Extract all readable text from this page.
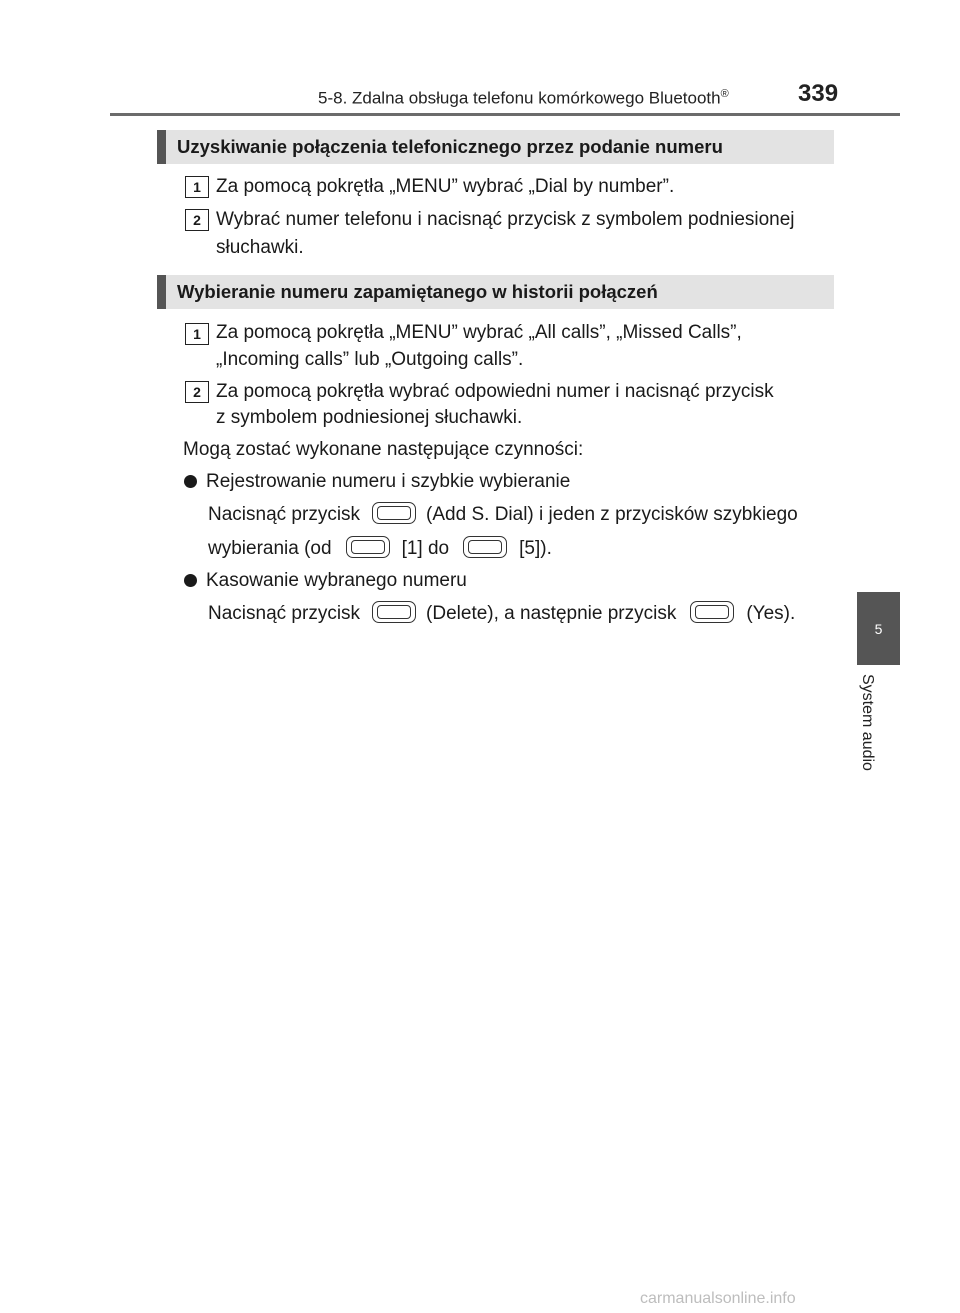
5-8. Zdalna obsługa telefonu komórkowego Bluetooth®	339
Uzyskiwanie połączenia telefonicznego przez podanie numeru
1 Za pomocą pokrętła „MENU” wybrać „Dial by number”.
2 Wybrać numer telefonu i nacisnąć przycisk z symbolem podniesionej
słuchawki.
Wybieranie numeru zapamiętanego w historii połączeń
1 Za pomocą pokrętła „MENU” wybrać „All calls”, „Missed Calls”,
„Incoming calls” lub „Outgoing calls”.
2 Za pomocą pokrętła wybrać odpowiedni numer i nacisnąć przycisk
z symbolem podniesionej słuchawki.
Mogą zostać wykonane następujące czynności:
Rejestrowanie numeru i szybkie wybieranie
Nacisnąć przycisk	(Add S. Dial) i jeden z przycisków szybkiego
wybierania (od	[1] do	[5]).
Kasowanie wybranego numeru
Nacisnąć przycisk	(Delete), a następnie przycisk	(Yes).
5
System audio
carmanualsonline.info
